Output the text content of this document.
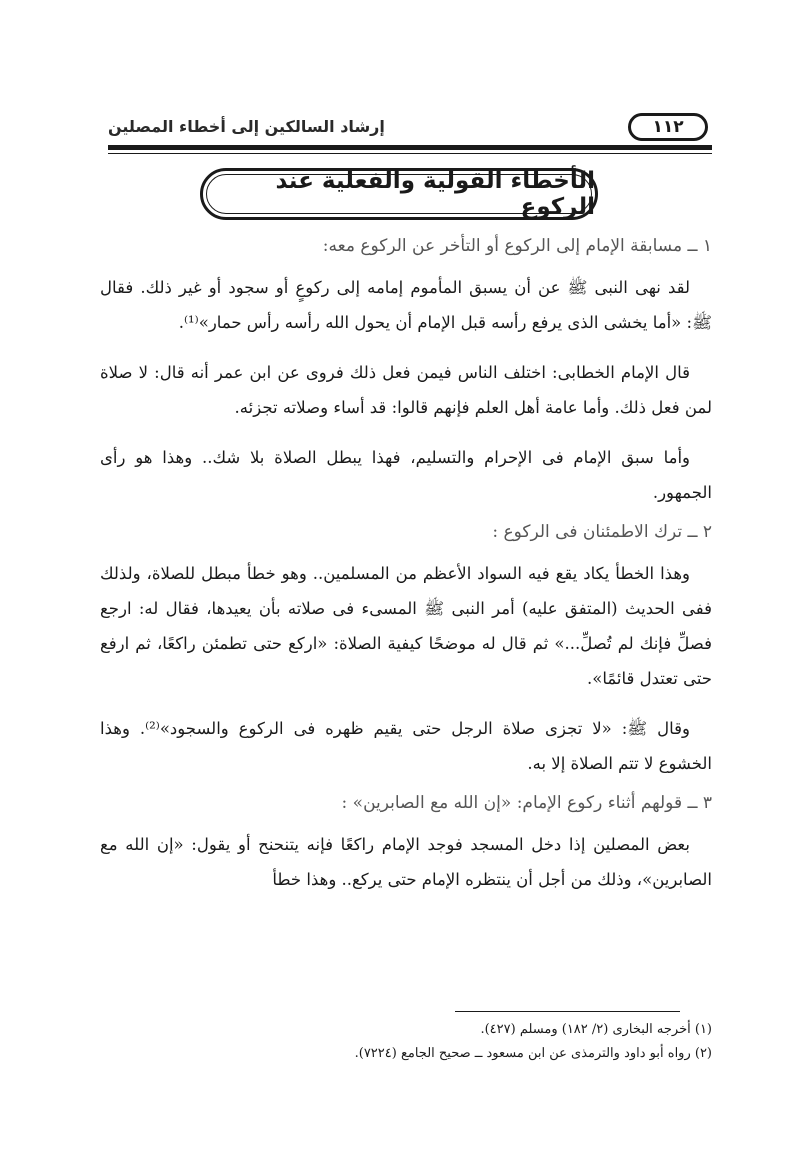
١١٢
إرشاد السالكين إلى أخطاء المصلين
الأخطاء القولية والفعلية عند الركوع
١ ــ مسابقة الإمام إلى الركوع أو التأخر عن الركوع معه:

لقد نهى النبى ﷺ عن أن يسبق المأموم إمامه إلى ركوعٍ أو سجود أو غير ذلك. فقال ﷺ: «أما يخشى الذى يرفع رأسه قبل الإمام أن يحول الله رأسه رأس حمار»⁽¹⁾.

قال الإمام الخطابى: اختلف الناس فيمن فعل ذلك فروى عن ابن عمر أنه قال: لا صلاة لمن فعل ذلك. وأما عامة أهل العلم فإنهم قالوا: قد أساء وصلاته تجزئه.

وأما سبق الإمام فى الإحرام والتسليم، فهذا يبطل الصلاة بلا شك.. وهذا هو رأى الجمهور.

٢ ــ ترك الاطمئنان فى الركوع :

وهذا الخطأ يكاد يقع فيه السواد الأعظم من المسلمين.. وهو خطأ مبطل للصلاة، ولذلك ففى الحديث (المتفق عليه) أمر النبى ﷺ المسىء فى صلاته بأن يعيدها، فقال له: ارجع فصلِّ فإنك لم تُصلِّ...» ثم قال له موضحًا كيفية الصلاة: «اركع حتى تطمئن راكعًا، ثم ارفع حتى تعتدل قائمًا».

وقال ﷺ: «لا تجزى صلاة الرجل حتى يقيم ظهره فى الركوع والسجود»⁽²⁾. وهذا الخشوع لا تتم الصلاة إلا به.

٣ ــ قولهم أثناء ركوع الإمام: «إن الله مع الصابرين» :

بعض المصلين إذا دخل المسجد فوجد الإمام راكعًا فإنه يتنحنح أو يقول: «إن الله مع الصابرين»، وذلك من أجل أن ينتظره الإمام حتى يركع.. وهذا خطأ

(١) أخرجه البخارى (٢/ ١٨٢) ومسلم (٤٢٧).

(٢) رواه أبو داود والترمذى عن ابن مسعود ــ صحيح الجامع (٧٢٢٤).
